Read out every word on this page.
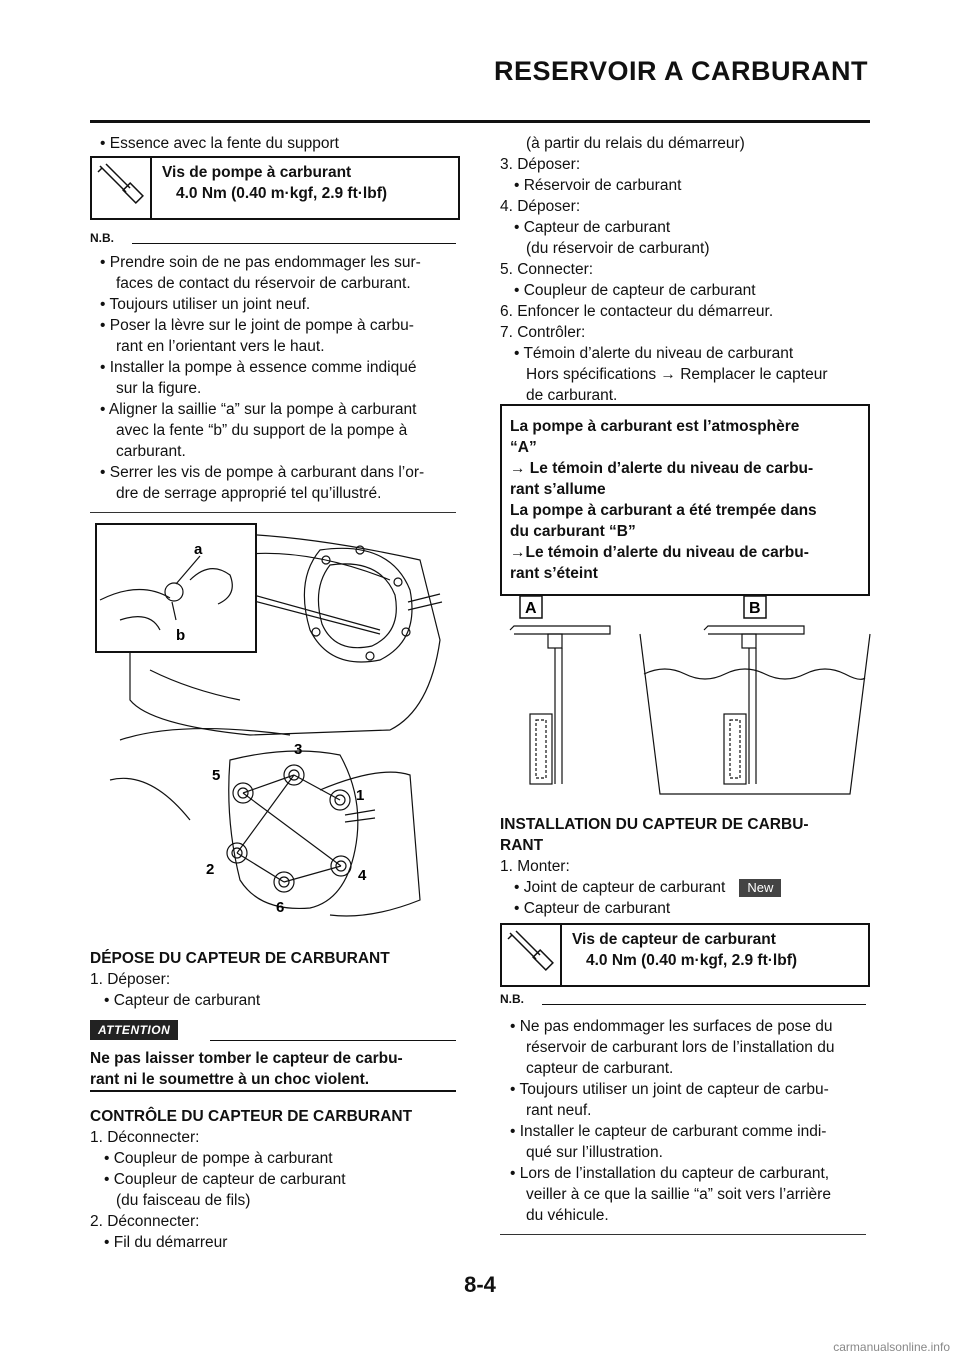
RESERVOIR A CARBURANT

• Essence avec la fente du support

Vis de pompe à carburant
4.0 Nm (0.40 m·kgf, 2.9 ft·lbf)
N.B.

• Prendre soin de ne pas endommager les sur-

faces de contact du réservoir de carburant.

• Toujours utiliser un joint neuf.

• Poser la lèvre sur le joint de pompe à carbu-

rant en l’orientant vers le haut.

• Installer la pompe à essence comme indiqué

sur la figure.

• Aligner la saillie “a” sur la pompe à carburant

avec la fente “b” du support de la pompe à

carburant.

• Serrer les vis de pompe à carburant dans l’or-

dre de serrage approprié tel qu’illustré.

a
b
3
5
1
2	4
6

DÉPOSE DU CAPTEUR DE CARBURANT

1. Déposer:

• Capteur de carburant

ATTENTION

Ne pas laisser tomber le capteur de carbu-

rant ni le soumettre à un choc violent.

CONTRÔLE DU CAPTEUR DE CARBURANT

1. Déconnecter:

• Coupleur de pompe à carburant

• Coupleur de capteur de carburant

(du faisceau de fils)

2. Déconnecter:

• Fil du démarreur

(à partir du relais du démarreur)

3. Déposer:

• Réservoir de carburant

4. Déposer:

• Capteur de carburant

(du réservoir de carburant)

5. Connecter:

• Coupleur de capteur de carburant

6. Enfoncer le contacteur du démarreur.

7. Contrôler:

• Témoin d’alerte du niveau de carburant

Hors spécifications → Remplacer le capteur

de carburant.

La pompe à carburant est l’atmosphère
“A”
→ Le témoin d’alerte du niveau de carbu-
rant s’allume
La pompe à carburant a été trempée dans
du carburant “B”
→Le témoin d’alerte du niveau de carbu-
rant s’éteint
A	B

INSTALLATION DU CAPTEUR DE CARBU-

RANT

1. Monter:

• Joint de capteur de carburant New

• Capteur de carburant

Vis de capteur de carburant
4.0 Nm (0.40 m·kgf, 2.9 ft·lbf)
N.B.

• Ne pas endommager les surfaces de pose du

réservoir de carburant lors de l’installation du

capteur de carburant.

• Toujours utiliser un joint de capteur de carbu-

rant neuf.

• Installer le capteur de carburant comme indi-

qué sur l’illustration.

• Lors de l’installation du capteur de carburant,

veiller à ce que la saillie “a” soit vers l’arrière

du véhicule.

8-4
carmanualsonline.info
